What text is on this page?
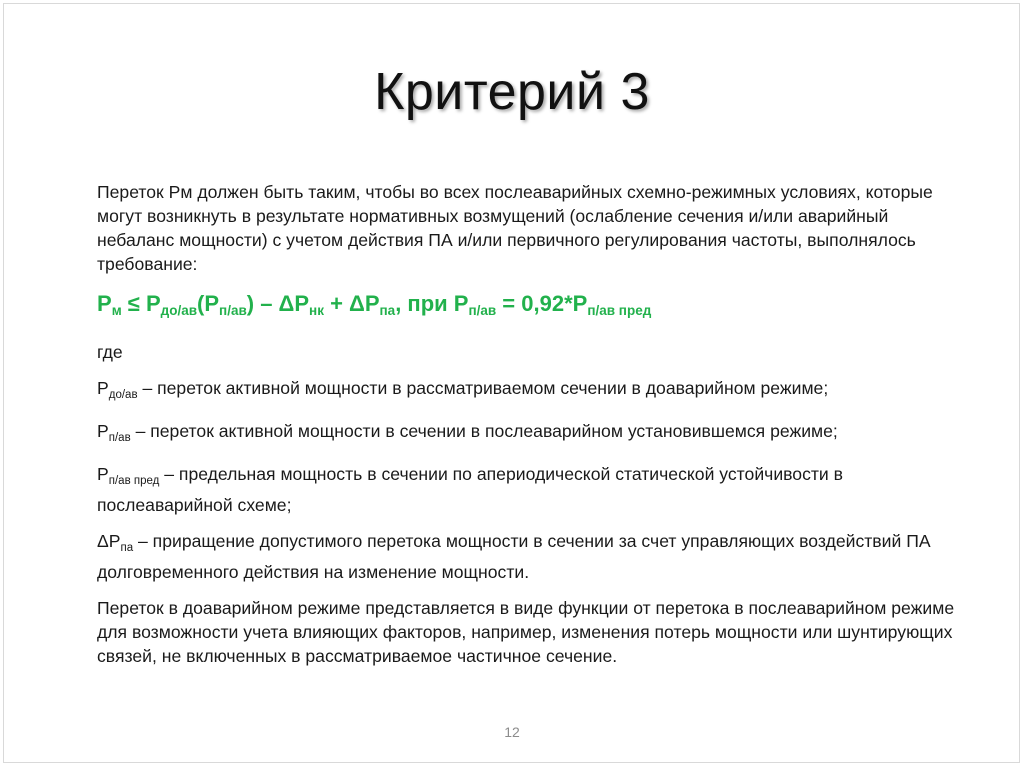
Критерий 3

Переток Рм должен быть таким, чтобы во всех послеаварийных схемно-режимных условиях, которые могут возникнуть в результате нормативных возмущений (ослабление сечения и/или аварийный небаланс мощности) с учетом действия ПА и/или первичного регулирования частоты, выполнялось требование:

$P_м \le P_{до/ав}(P_{п/ав}) - \Delta P_{нк} + \Delta P_{па}$, при $P_{п/ав} = 0,92*P_{п/ав пред}$

где

$P_{до/ав}$ – переток активной мощности в рассматриваемом сечении в доаварийном режиме;

$P_{п/ав}$ – переток активной мощности в сечении в послеаварийном установившемся режиме;

$P_{п/ав пред}$ – предельная мощность в сечении по апериодической статической устойчивости в послеаварийной схеме;

$\Delta P_{па}$ – приращение допустимого перетока мощности в сечении за счет управляющих воздействий ПА долговременного действия на изменение мощности.

Переток в доаварийном режиме представляется в виде функции от перетока в послеаварийном режиме для возможности учета влияющих факторов, например, изменения потерь мощности или шунтирующих связей, не включенных в рассматриваемое частичное сечение.

12
